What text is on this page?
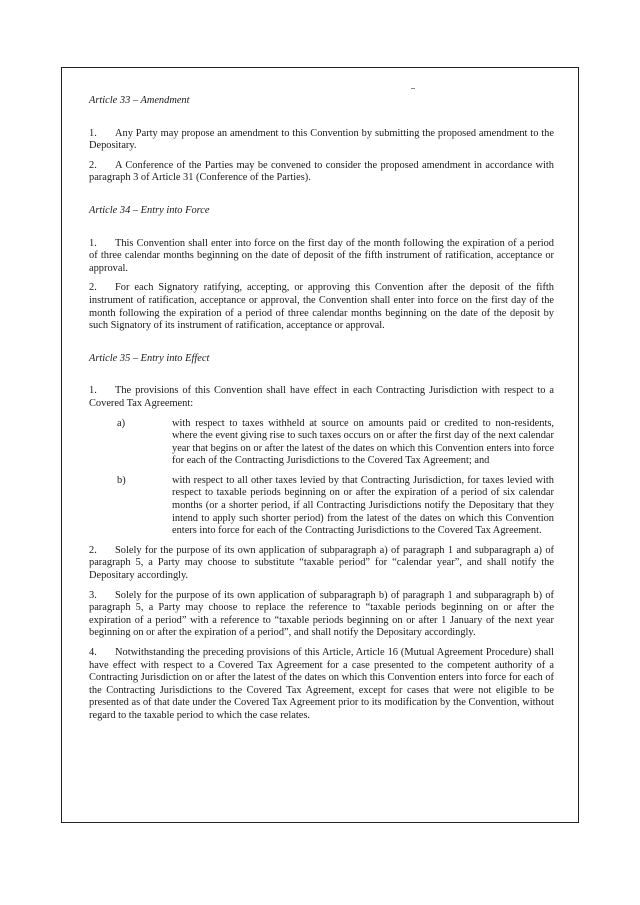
Article 33 – Amendment

1. Any Party may propose an amendment to this Convention by submitting the proposed amendment to the Depositary.

2. A Conference of the Parties may be convened to consider the proposed amendment in accordance with paragraph 3 of Article 31 (Conference of the Parties).

Article 34 – Entry into Force

1. This Convention shall enter into force on the first day of the month following the expiration of a period of three calendar months beginning on the date of deposit of the fifth instrument of ratification, acceptance or approval.

2. For each Signatory ratifying, accepting, or approving this Convention after the deposit of the fifth instrument of ratification, acceptance or approval, the Convention shall enter into force on the first day of the month following the expiration of a period of three calendar months beginning on the date of the deposit by such Signatory of its instrument of ratification, acceptance or approval.

Article 35 – Entry into Effect

1. The provisions of this Convention shall have effect in each Contracting Jurisdiction with respect to a Covered Tax Agreement:

a)	with respect to taxes withheld at source on amounts paid or credited to non-residents, where the event giving rise to such taxes occurs on or after the first day of the next calendar year that begins on or after the latest of the dates on which this Convention enters into force for each of the Contracting Jurisdictions to the Covered Tax Agreement; and
b)	with respect to all other taxes levied by that Contracting Jurisdiction, for taxes levied with respect to taxable periods beginning on or after the expiration of a period of six calendar months (or a shorter period, if all Contracting Jurisdictions notify the Depositary that they intend to apply such shorter period) from the latest of the dates on which this Convention enters into force for each of the Contracting Jurisdictions to the Covered Tax Agreement.

2. Solely for the purpose of its own application of subparagraph a) of paragraph 1 and subparagraph a) of paragraph 5, a Party may choose to substitute “taxable period” for “calendar year”, and shall notify the Depositary accordingly.

3. Solely for the purpose of its own application of subparagraph b) of paragraph 1 and subparagraph b) of paragraph 5, a Party may choose to replace the reference to “taxable periods beginning on or after the expiration of a period” with a reference to “taxable periods beginning on or after 1 January of the next year beginning on or after the expiration of a period”, and shall notify the Depositary accordingly.

4. Notwithstanding the preceding provisions of this Article, Article 16 (Mutual Agreement Procedure) shall have effect with respect to a Covered Tax Agreement for a case presented to the competent authority of a Contracting Jurisdiction on or after the latest of the dates on which this Convention enters into force for each of the Contracting Jurisdictions to the Covered Tax Agreement, except for cases that were not eligible to be presented as of that date under the Covered Tax Agreement prior to its modification by the Convention, without regard to the taxable period to which the case relates.
